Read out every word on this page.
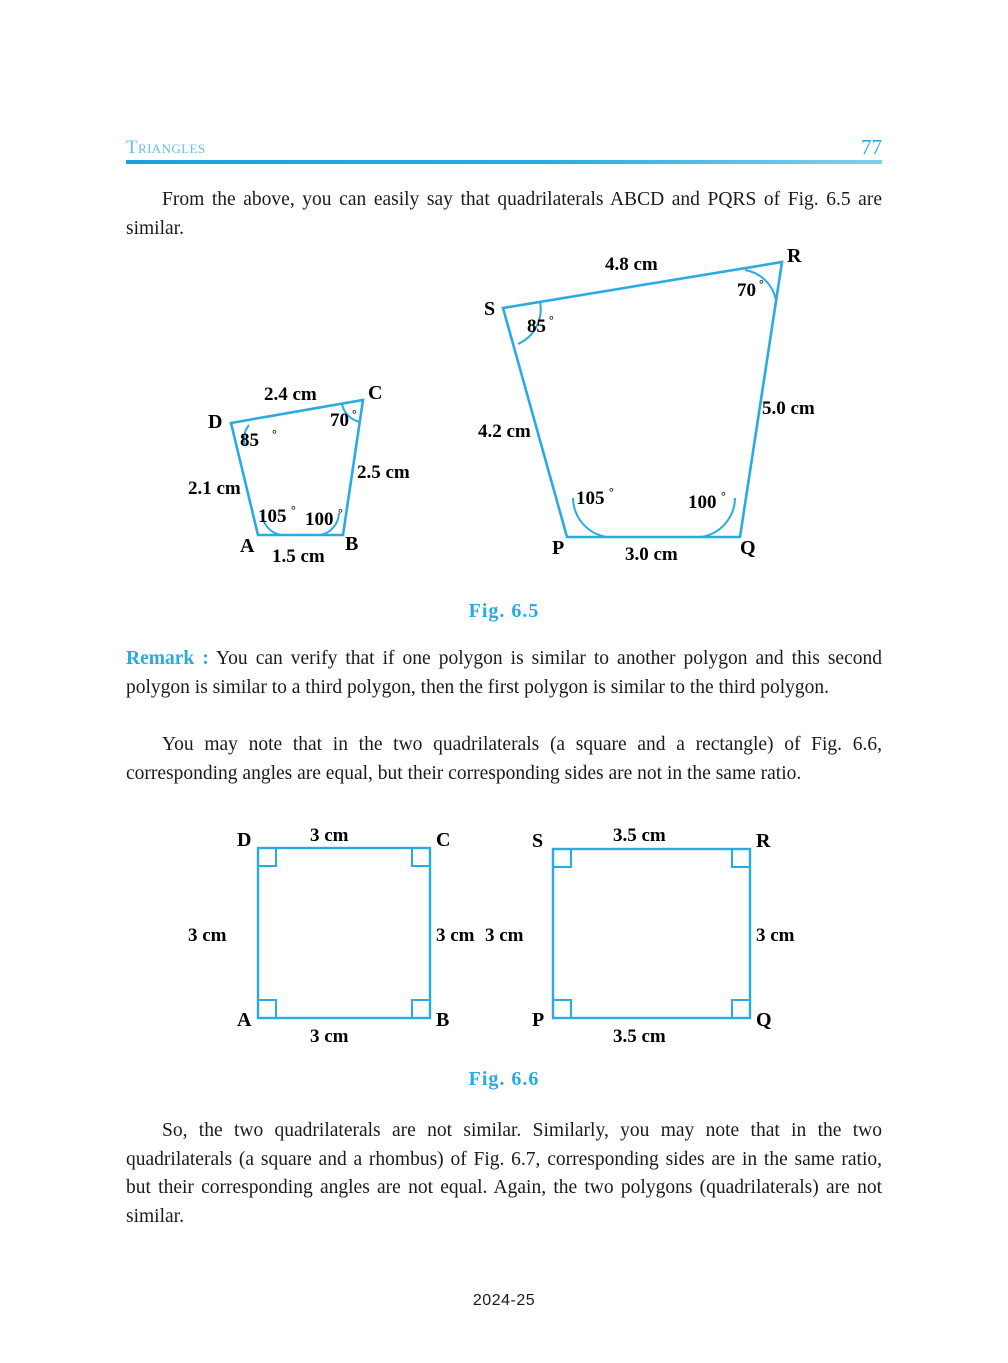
Triangles	77
From the above, you can easily say that quadrilaterals ABCD and PQRS of Fig. 6.5 are similar.
D
C
A	B
2.4 cm
2.5 cm
1.5 cm
2.1 cm
85 °
70 °
105 ° 100 °
S
R
P	Q
4.8 cm
5.0 cm
3.0 cm
4.2 cm
85 °
70 °
105 °	100 °
Fig. 6.5
Remark : You can verify that if one polygon is similar to another polygon and this second polygon is similar to a third polygon, then the first polygon is similar to the third polygon.
You may note that in the two quadrilaterals (a square and a rectangle) of Fig. 6.6, corresponding angles are equal, but their corresponding sides are not in the same ratio.
D	C
A	B
3 cm
3 cm
3 cm
3 cm
S	R
P	Q
3.5 cm
3 cm
3.5 cm
3 cm
Fig. 6.6
So, the two quadrilaterals are not similar. Similarly, you may note that in the two quadrilaterals (a square and a rhombus) of Fig. 6.7, corresponding sides are in the same ratio, but their corresponding angles are not equal. Again, the two polygons (quadrilaterals) are not similar.
2024-25
